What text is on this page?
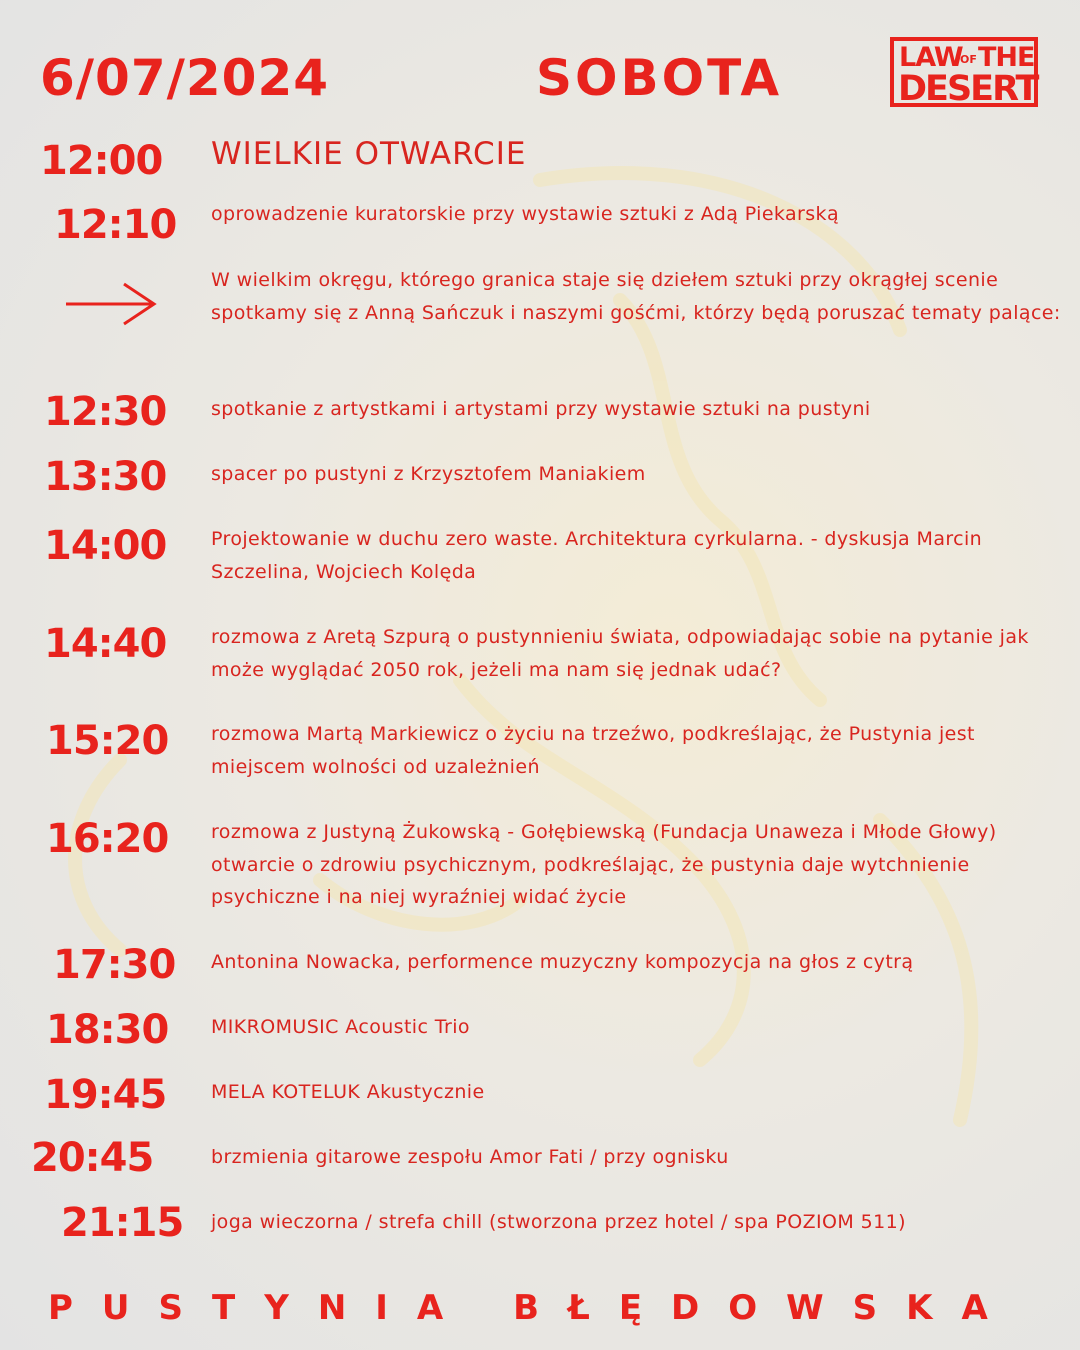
6/07/2024	SOBOTA	LAW
OF THE
DESERT
12:00 WIELKIE OTWARCIE
12:10 oprowadzenie kuratorskie przy wystawie sztuki z Adą Piekarską
W wielkim okręgu, którego granica staje się dziełem sztuki przy okrągłej scenie spotkamy się z Anną Sańczuk i naszymi gośćmi, którzy będą poruszać tematy palące:
12:30 spotkanie z artystkami i artystami przy wystawie sztuki na pustyni
13:30 spacer po pustyni z Krzysztofem Maniakiem
14:00 Projektowanie w duchu zero waste. Architektura cyrkularna. - dyskusja Marcin Szczelina, Wojciech Kolęda
14:40 rozmowa z Aretą Szpurą o pustynnieniu świata, odpowiadając sobie na pytanie jak może wyglądać 2050 rok, jeżeli ma nam się jednak udać?
15:20 rozmowa Martą Markiewicz o życiu na trzeźwo, podkreślając, że Pustynia jest miejscem wolności od uzależnień
16:20 rozmowa z Justyną Żukowską - Gołębiewską (Fundacja Unaweza i Młode Głowy) otwarcie o zdrowiu psychicznym, podkreślając, że pustynia daje wytchnienie psychiczne i na niej wyraźniej widać życie
17:30 Antonina Nowacka, performence muzyczny kompozycja na głos z cytrą
18:30 MIKROMUSIC Acoustic Trio
19:45 MELA KOTELUK Akustycznie
20:45	brzmienia gitarowe zespołu Amor Fati / przy ognisku
21:15 joga wieczorna / strefa chill (stworzona przez hotel / spa POZIOM 511)
PUSTYNIA BŁĘDOWSKA
